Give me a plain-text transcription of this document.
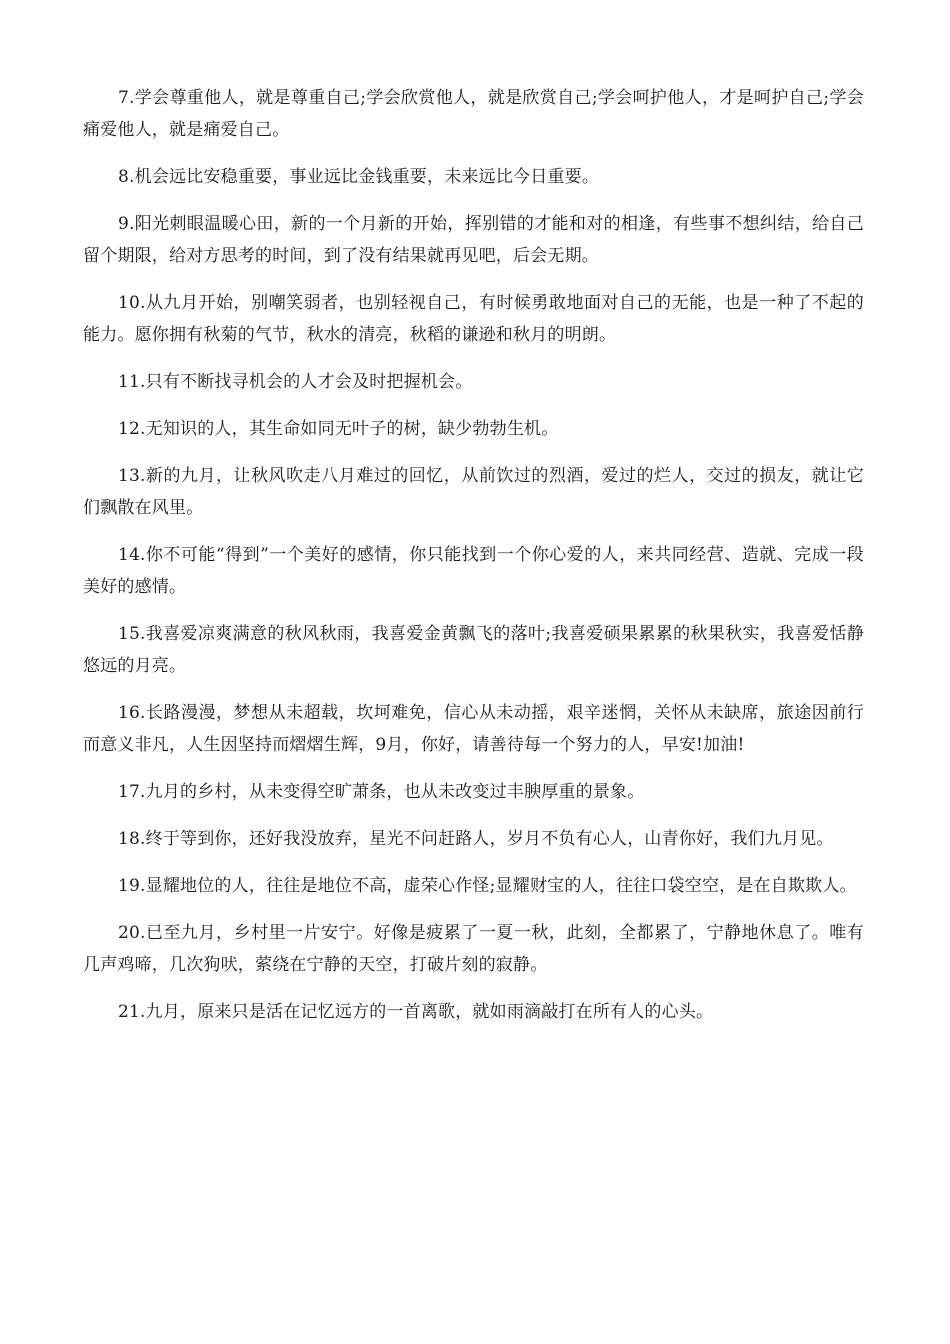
7.学会尊重他人，就是尊重自己;学会欣赏他人，就是欣赏自己;学会呵护他人，才是呵护自己;学会痛爱他人，就是痛爱自己。

8.机会远比安稳重要，事业远比金钱重要，未来远比今日重要。

9.阳光刺眼温暖心田，新的一个月新的开始，挥别错的才能和对的相逢，有些事不想纠结，给自己留个期限，给对方思考的时间，到了没有结果就再见吧，后会无期。

10.从九月开始，别嘲笑弱者，也别轻视自己，有时候勇敢地面对自己的无能，也是一种了不起的能力。愿你拥有秋菊的气节，秋水的清亮，秋稻的谦逊和秋月的明朗。

11.只有不断找寻机会的人才会及时把握机会。

12.无知识的人，其生命如同无叶子的树，缺少勃勃生机。

13.新的九月，让秋风吹走八月难过的回忆，从前饮过的烈酒，爱过的烂人，交过的损友，就让它们飘散在风里。

14.你不可能“得到”一个美好的感情，你只能找到一个你心爱的人，来共同经营、造就、完成一段美好的感情。

15.我喜爱凉爽满意的秋风秋雨，我喜爱金黄飘飞的落叶;我喜爱硕果累累的秋果秋实，我喜爱恬静悠远的月亮。

16.长路漫漫，梦想从未超载，坎坷难免，信心从未动摇，艰辛迷惘，关怀从未缺席，旅途因前行而意义非凡，人生因坚持而熠熠生辉，9月，你好，请善待每一个努力的人，早安!加油!

17.九月的乡村，从未变得空旷萧条，也从未改变过丰腴厚重的景象。

18.终于等到你，还好我没放弃，星光不问赶路人，岁月不负有心人，山青你好，我们九月见。

19.显耀地位的人，往往是地位不高，虚荣心作怪;显耀财宝的人，往往口袋空空，是在自欺欺人。

20.已至九月，乡村里一片安宁。好像是疲累了一夏一秋，此刻，全都累了，宁静地休息了。唯有几声鸡啼，几次狗吠，萦绕在宁静的天空，打破片刻的寂静。

21.九月，原来只是活在记忆远方的一首离歌，就如雨滴敲打在所有人的心头。
